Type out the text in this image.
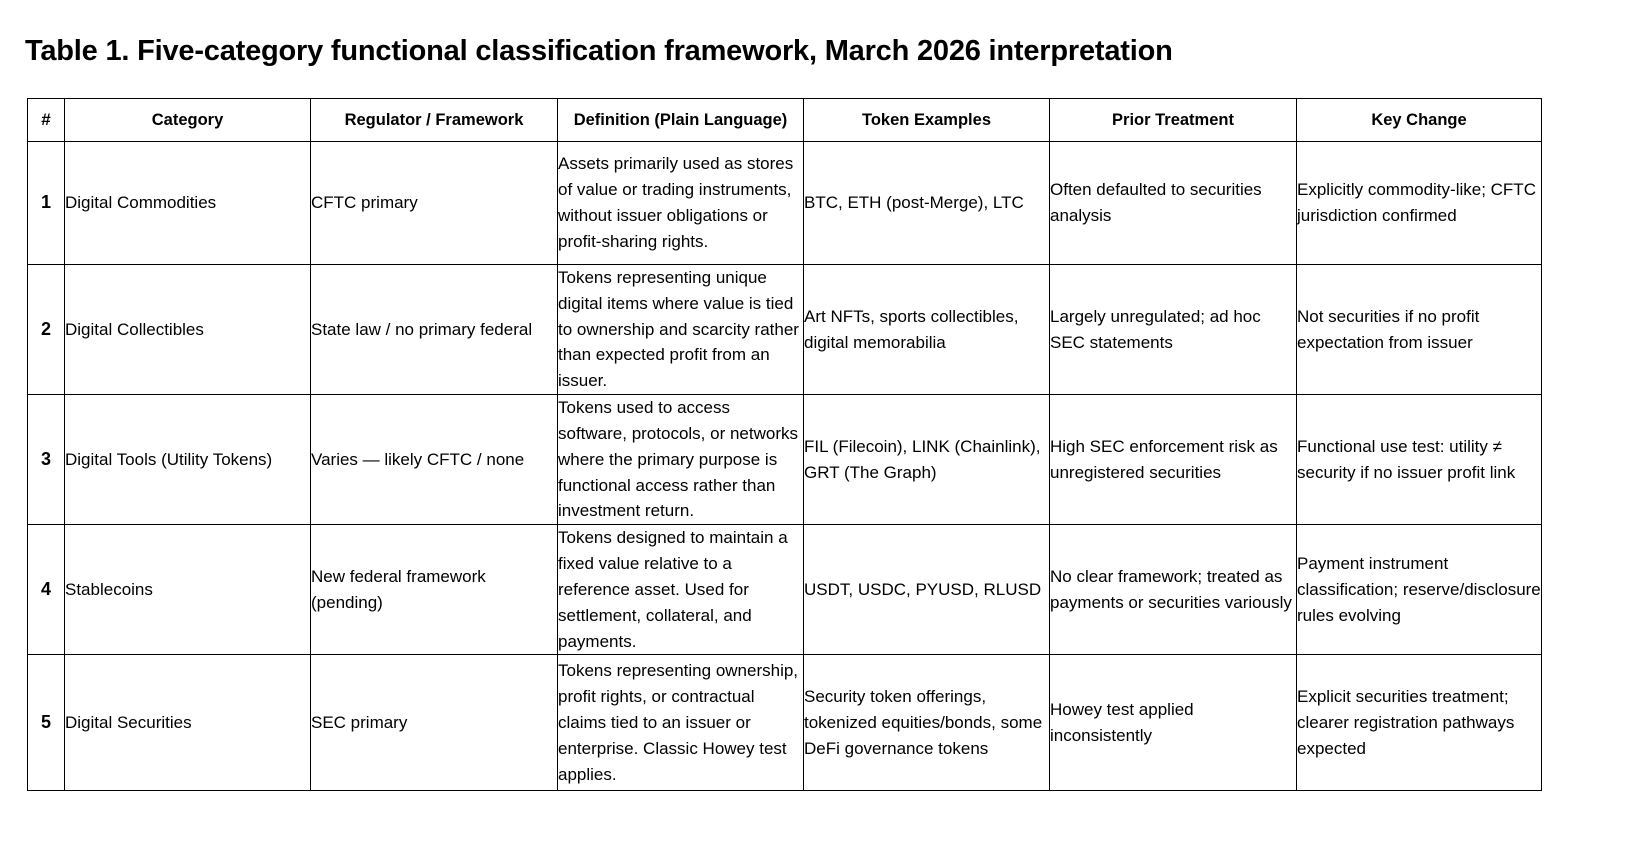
Table 1. Five-category functional classification framework, March 2026 interpretation
#	Category	Regulator / Framework	Definition (Plain Language)	Token Examples	Prior Treatment	Key Change
1	Digital Commodities	CFTC primary	Assets primarily used as stores of value or trading instruments, without issuer obligations or profit-sharing rights.	BTC, ETH (post-Merge), LTC	Often defaulted to securities analysis	Explicitly commodity-like; CFTC jurisdiction confirmed
2	Digital Collectibles	State law / no primary federal	Tokens representing unique digital items where value is tied to ownership and scarcity rather than expected profit from an issuer.	Art NFTs, sports collectibles, digital memorabilia	Largely unregulated; ad hoc SEC statements	Not securities if no profit expectation from issuer
3	Digital Tools (Utility Tokens)	Varies — likely CFTC / none	Tokens used to access software, protocols, or networks where the primary purpose is functional access rather than investment return.	FIL (Filecoin), LINK (Chainlink), GRT (The Graph)	High SEC enforcement risk as unregistered securities	Functional use test: utility ≠ security if no issuer profit link
4	Stablecoins	New federal framework (pending)	Tokens designed to maintain a fixed value relative to a reference asset. Used for settlement, collateral, and payments.	USDT, USDC, PYUSD, RLUSD	No clear framework; treated as payments or securities variously	Payment instrument classification; reserve/disclosure rules evolving
5	Digital Securities	SEC primary	Tokens representing ownership, profit rights, or contractual claims tied to an issuer or enterprise. Classic Howey test applies.	Security token offerings, tokenized equities/bonds, some DeFi governance tokens	Howey test applied inconsistently	Explicit securities treatment; clearer registration pathways expected
